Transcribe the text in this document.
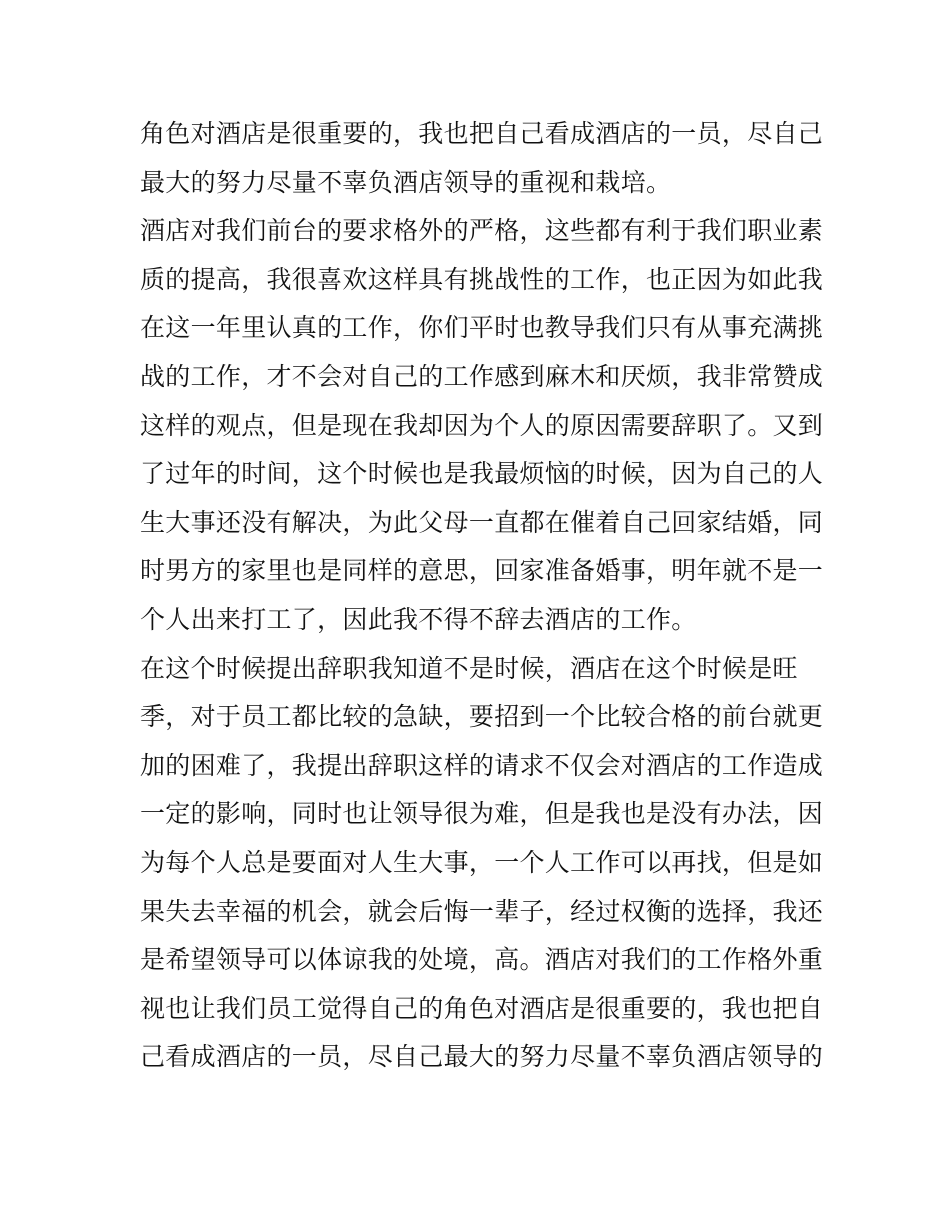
角色对酒店是很重要的，我也把自己看成酒店的一员，尽自己
最大的努力尽量不辜负酒店领导的重视和栽培。
酒店对我们前台的要求格外的严格，这些都有利于我们职业素
质的提高，我很喜欢这样具有挑战性的工作，也正因为如此我
在这一年里认真的工作，你们平时也教导我们只有从事充满挑
战的工作，才不会对自己的工作感到麻木和厌烦，我非常赞成
这样的观点，但是现在我却因为个人的原因需要辞职了。又到
了过年的时间，这个时候也是我最烦恼的时候，因为自己的人
生大事还没有解决，为此父母一直都在催着自己回家结婚，同
时男方的家里也是同样的意思，回家准备婚事，明年就不是一
个人出来打工了，因此我不得不辞去酒店的工作。
在这个时候提出辞职我知道不是时候，酒店在这个时候是旺
季，对于员工都比较的急缺，要招到一个比较合格的前台就更
加的困难了，我提出辞职这样的请求不仅会对酒店的工作造成
一定的影响，同时也让领导很为难，但是我也是没有办法，因
为每个人总是要面对人生大事，一个人工作可以再找，但是如
果失去幸福的机会，就会后悔一辈子，经过权衡的选择，我还
是希望领导可以体谅我的处境，高。酒店对我们的工作格外重
视也让我们员工觉得自己的角色对酒店是很重要的，我也把自
己看成酒店的一员，尽自己最大的努力尽量不辜负酒店领导的
